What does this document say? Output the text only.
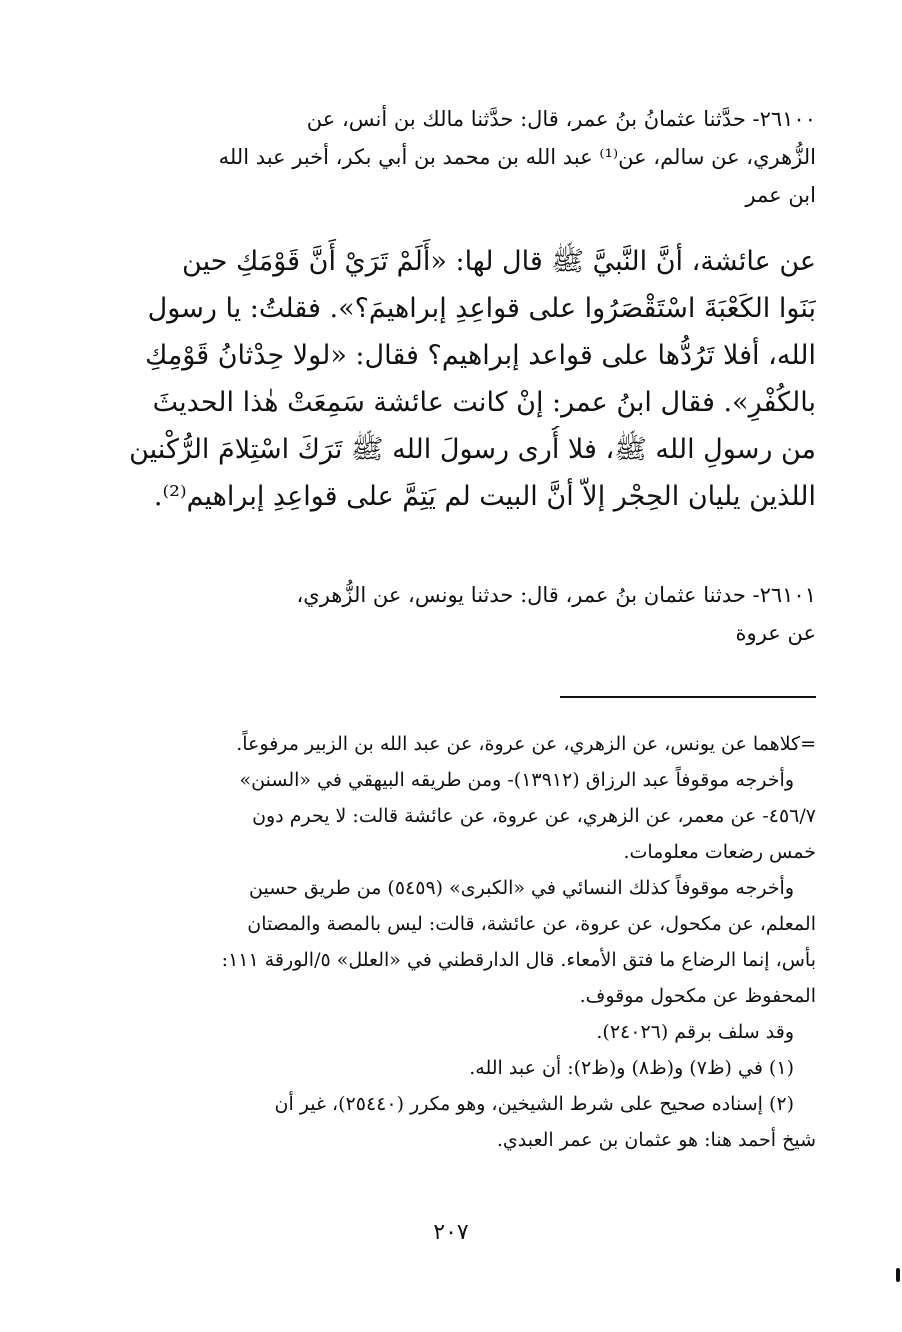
٢٦١٠٠- حدَّثنا عثمانُ بنُ عمر، قال: حدَّثنا مالك بن أنس، عن
الزُّهري، عن سالم، عن⁽¹⁾ عبد الله بن محمد بن أبي بكر، أخبر عبد الله
ابن عمر
عن عائشة، أنَّ النَّبيَّ ﷺ قال لها: «أَلَمْ تَرَيْ أَنَّ قَوْمَكِ حين
بَنَوا الكَعْبَةَ اسْتَقْصَرُوا على قواعِدِ إبراهيمَ؟». فقلتُ: يا رسول
الله، أفلا تَرُدُّها على قواعد إبراهيم؟ فقال: «لولا حِدْثانُ قَوْمِكِ
بالكُفْرِ». فقال ابنُ عمر: إنْ كانت عائشة سَمِعَتْ هٰذا الحديثَ
من رسولِ الله ﷺ، فلا أُرى رسولَ الله ﷺ تَرَكَ اسْتِلامَ الرُّكْنين
اللذين يليان الحِجْر إلاّ أنَّ البيت لم يَتِمَّ على قواعِدِ إبراهيم⁽²⁾.
٢٦١٠١- حدثنا عثمان بنُ عمر، قال: حدثنا يونس، عن الزُّهري،
عن عروة
=كلاهما عن يونس، عن الزهري، عن عروة، عن عبد الله بن الزبير مرفوعاً.
وأخرجه موقوفاً عبد الرزاق (١٣٩١٢)- ومن طريقه البيهقي في «السنن»
٤٥٦/٧- عن معمر، عن الزهري، عن عروة، عن عائشة قالت: لا يحرم دون
خمس رضعات معلومات.
وأخرجه موقوفاً كذلك النسائي في «الكبرى» (٥٤٥٩) من طريق حسين
المعلم، عن مكحول، عن عروة، عن عائشة، قالت: ليس بالمصة والمصتان
بأس، إنما الرضاع ما فتق الأمعاء. قال الدارقطني في «العلل» ٥/الورقة ١١١:
المحفوظ عن مكحول موقوف.
وقد سلف برقم (٢٤٠٢٦).
(١) في (ظ٧) و(ظ٨) و(ظ٢): أن عبد الله.
(٢) إسناده صحيح على شرط الشيخين، وهو مكرر (٢٥٤٤٠)، غير أن
شيخ أحمد هنا: هو عثمان بن عمر العبدي.
٢٠٧
